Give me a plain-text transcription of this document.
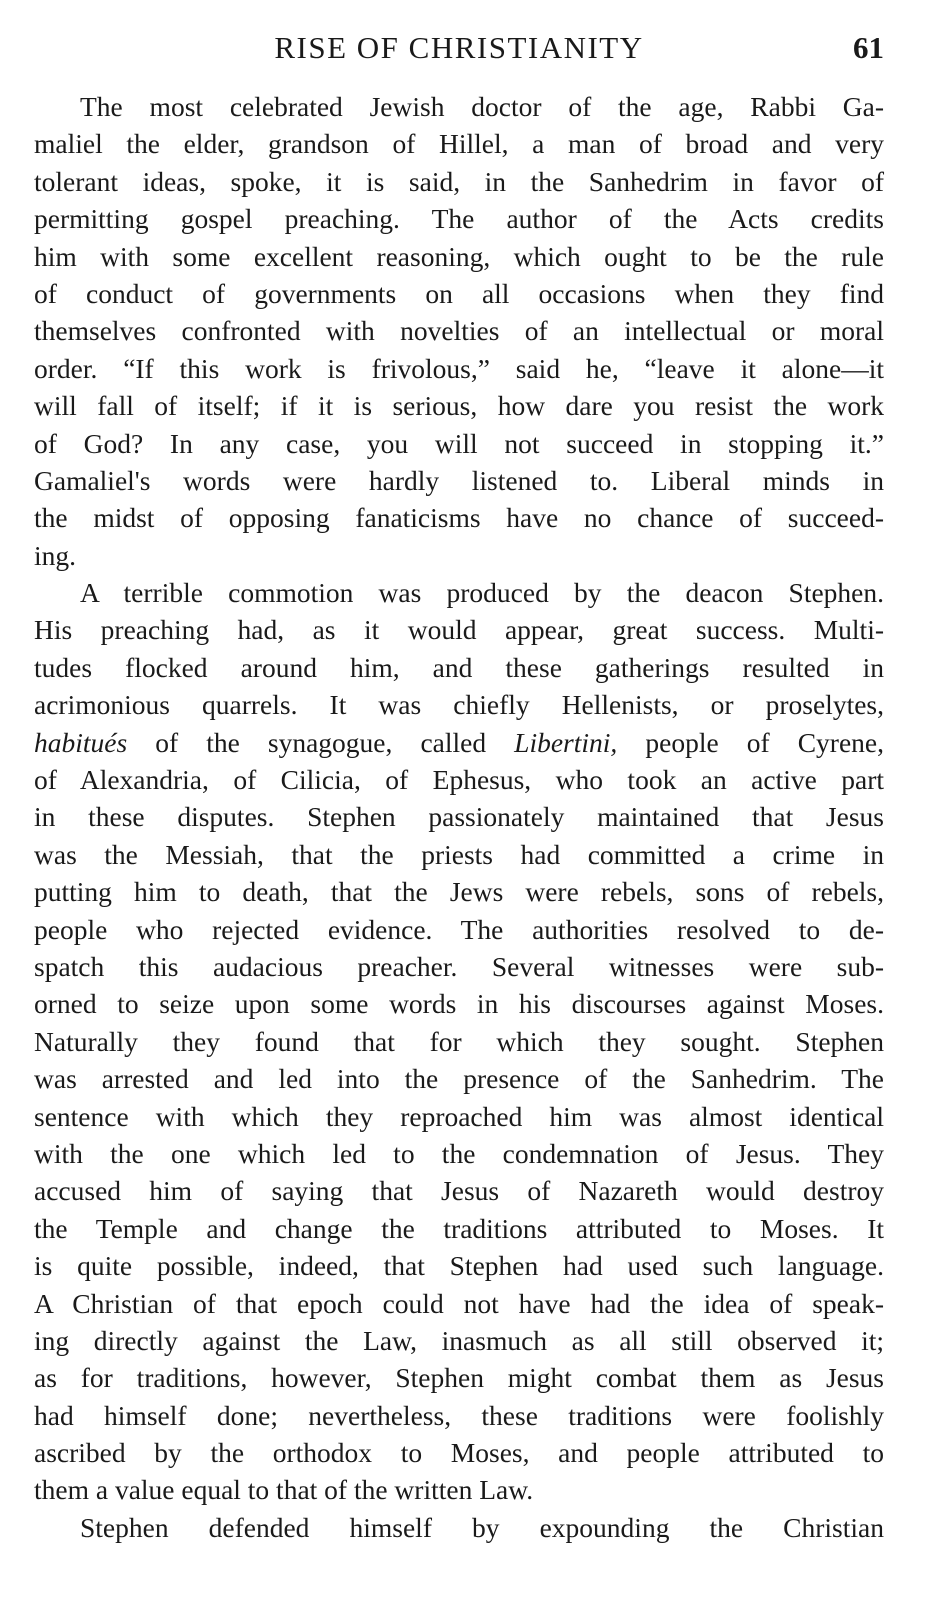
RISE OF CHRISTIANITY	61
The most celebrated Jewish doctor of the age, Rabbi Ga-
maliel the elder, grandson of Hillel, a man of broad and very
tolerant ideas, spoke, it is said, in the Sanhedrim in favor of
permitting gospel preaching. The author of the Acts credits
him with some excellent reasoning, which ought to be the rule
of conduct of governments on all occasions when they find
themselves confronted with novelties of an intellectual or moral
order. “If this work is frivolous,” said he, “leave it alone—it
will fall of itself; if it is serious, how dare you resist the work
of God? In any case, you will not succeed in stopping it.”
Gamaliel's words were hardly listened to. Liberal minds in
the midst of opposing fanaticisms have no chance of succeed-
ing.
A terrible commotion was produced by the deacon Stephen.
His preaching had, as it would appear, great success. Multi-
tudes flocked around him, and these gatherings resulted in
acrimonious quarrels. It was chiefly Hellenists, or proselytes,
habitués of the synagogue, called Libertini, people of Cyrene,
of Alexandria, of Cilicia, of Ephesus, who took an active part
in these disputes. Stephen passionately maintained that Jesus
was the Messiah, that the priests had committed a crime in
putting him to death, that the Jews were rebels, sons of rebels,
people who rejected evidence. The authorities resolved to de-
spatch this audacious preacher. Several witnesses were sub-
orned to seize upon some words in his discourses against Moses.
Naturally they found that for which they sought. Stephen
was arrested and led into the presence of the Sanhedrim. The
sentence with which they reproached him was almost identical
with the one which led to the condemnation of Jesus. They
accused him of saying that Jesus of Nazareth would destroy
the Temple and change the traditions attributed to Moses. It
is quite possible, indeed, that Stephen had used such language.
A Christian of that epoch could not have had the idea of speak-
ing directly against the Law, inasmuch as all still observed it;
as for traditions, however, Stephen might combat them as Jesus
had himself done; nevertheless, these traditions were foolishly
ascribed by the orthodox to Moses, and people attributed to
them a value equal to that of the written Law.
Stephen defended himself by expounding the Christian
